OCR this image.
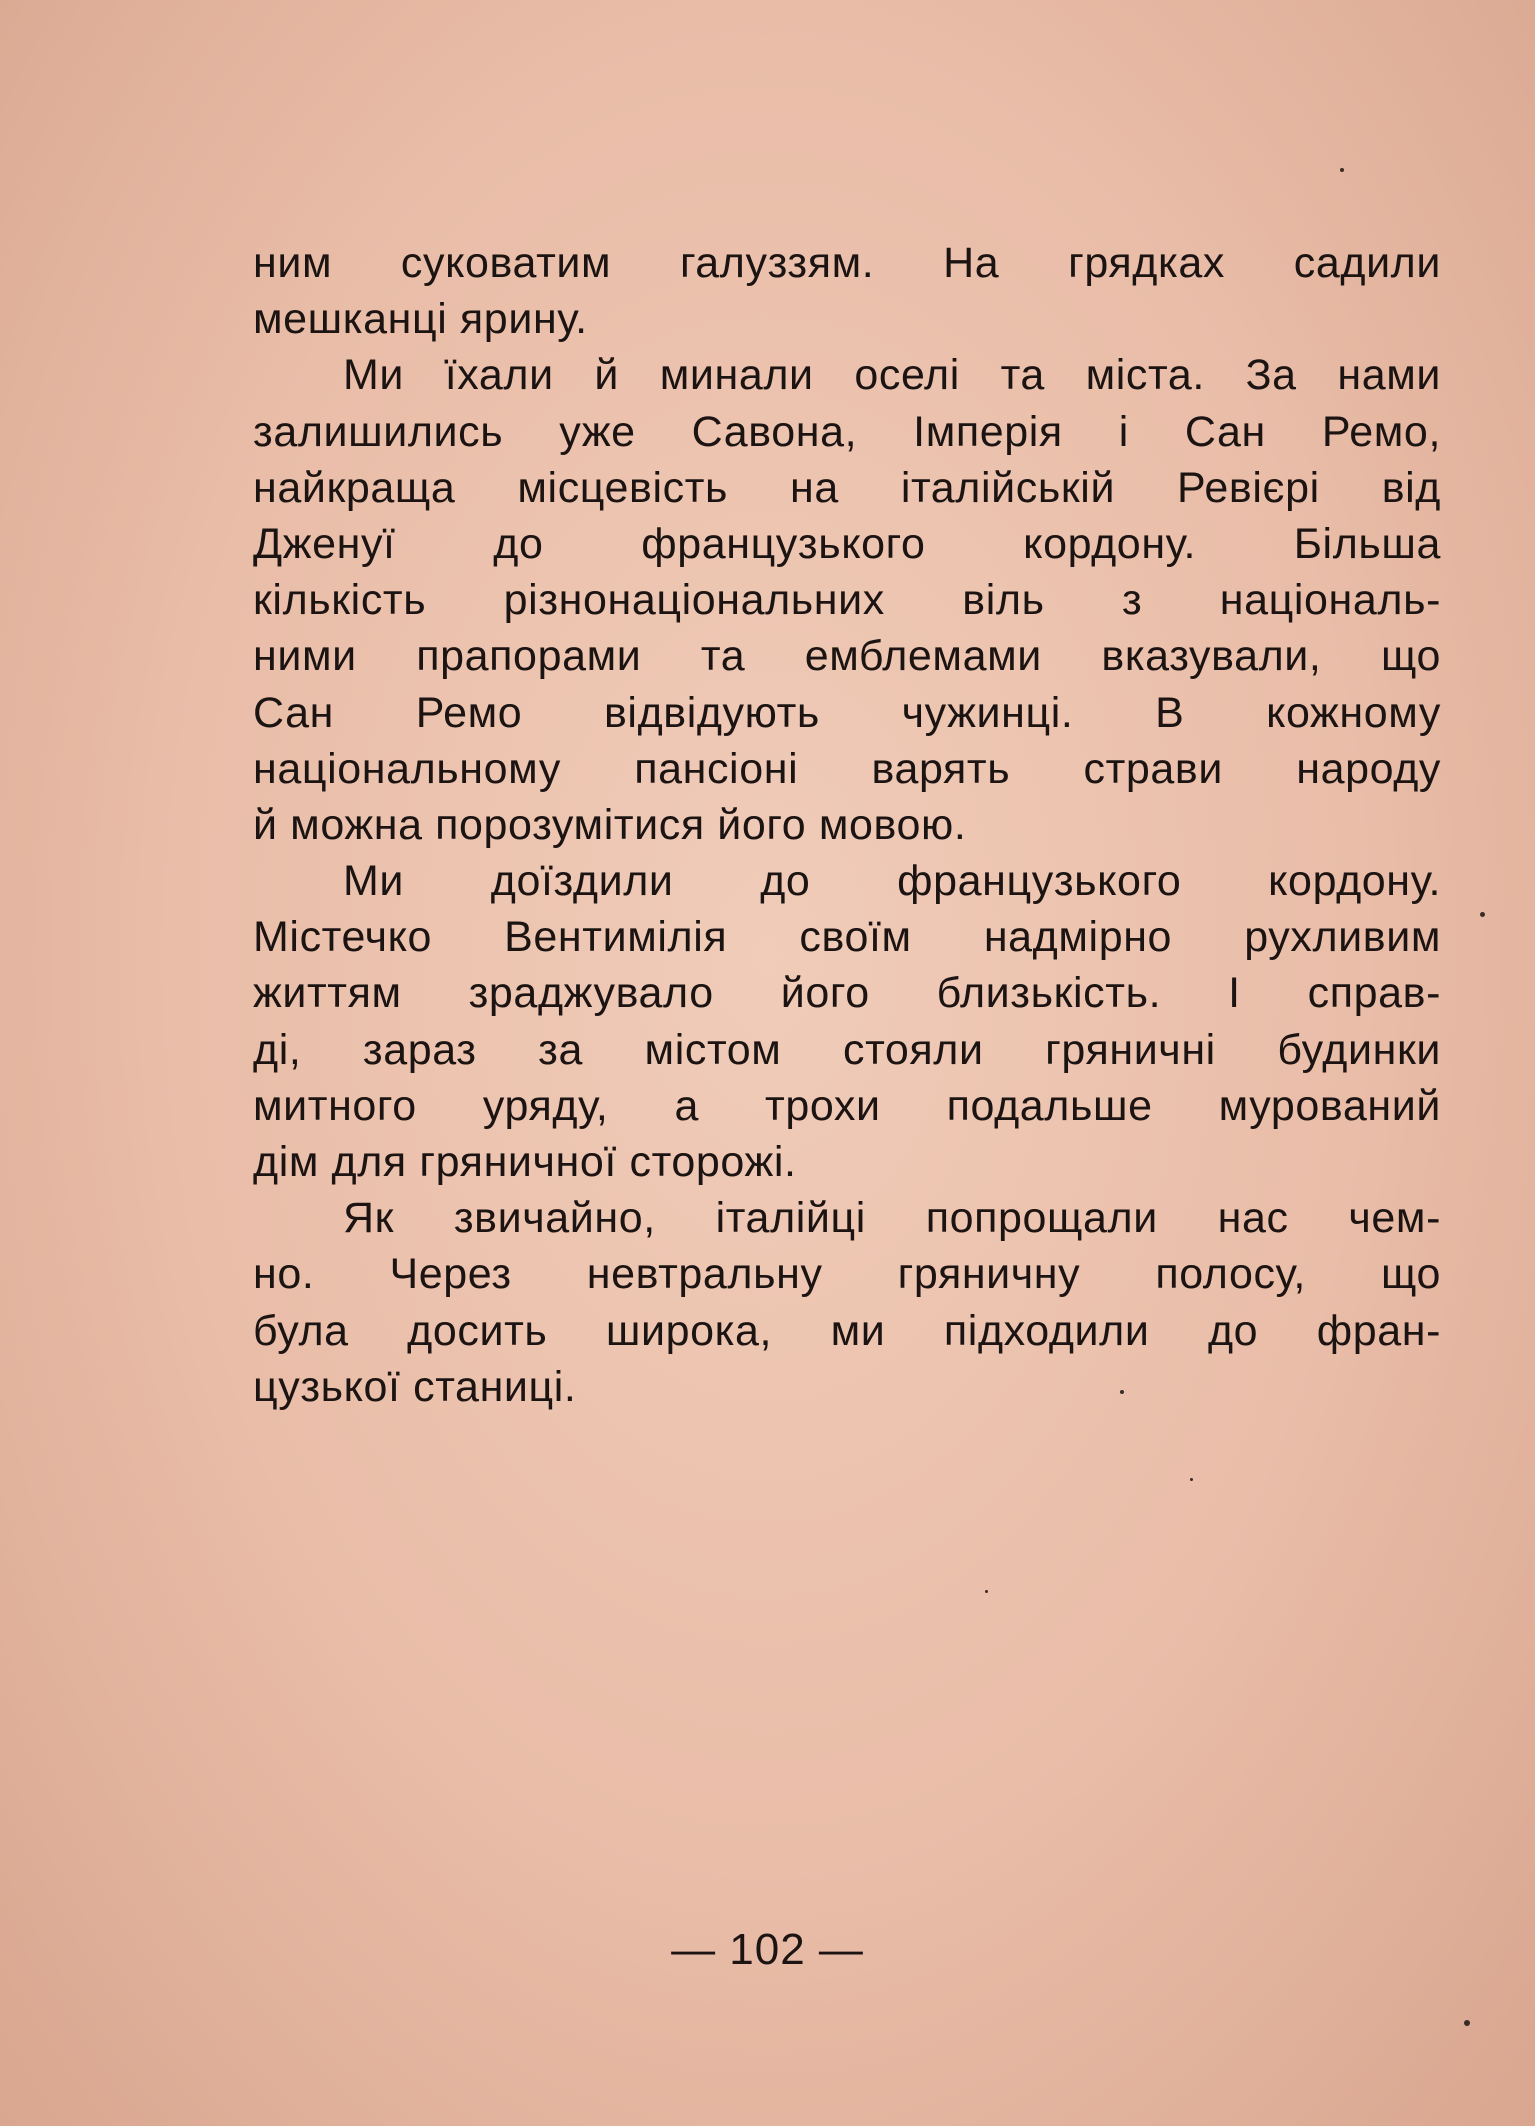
ним суковатим галуззям. На грядках садили
мешканці ярину.
Ми їхали й минали оселі та міста. За нами
залишились уже Савона, Імперія і Сан Ремо,
найкраща місцевість на італійській Ревієрі від
Дженуї до французького кордону. Більша
кількість різнонаціональних віль з національ-
ними прапорами та емблемами вказували, що
Сан Ремо відвідують чужинці. В кожному
національному пансіоні варять страви народу
й можна порозумітися його мовою.
Ми доїздили до французького кордону.
Містечко Вентимілія своїм надмірно рухливим
життям зраджувало його близькість. І справ-
ді, зараз за містом стояли гряничні будинки
митного уряду, а трохи подальше мурований
дім для гряничної сторожі.
Як звичайно, італійці попрощали нас чем-
но. Через невтральну гряничну полосу, що
була досить широка, ми підходили до фран-
цузької станиці.
— 102 —
